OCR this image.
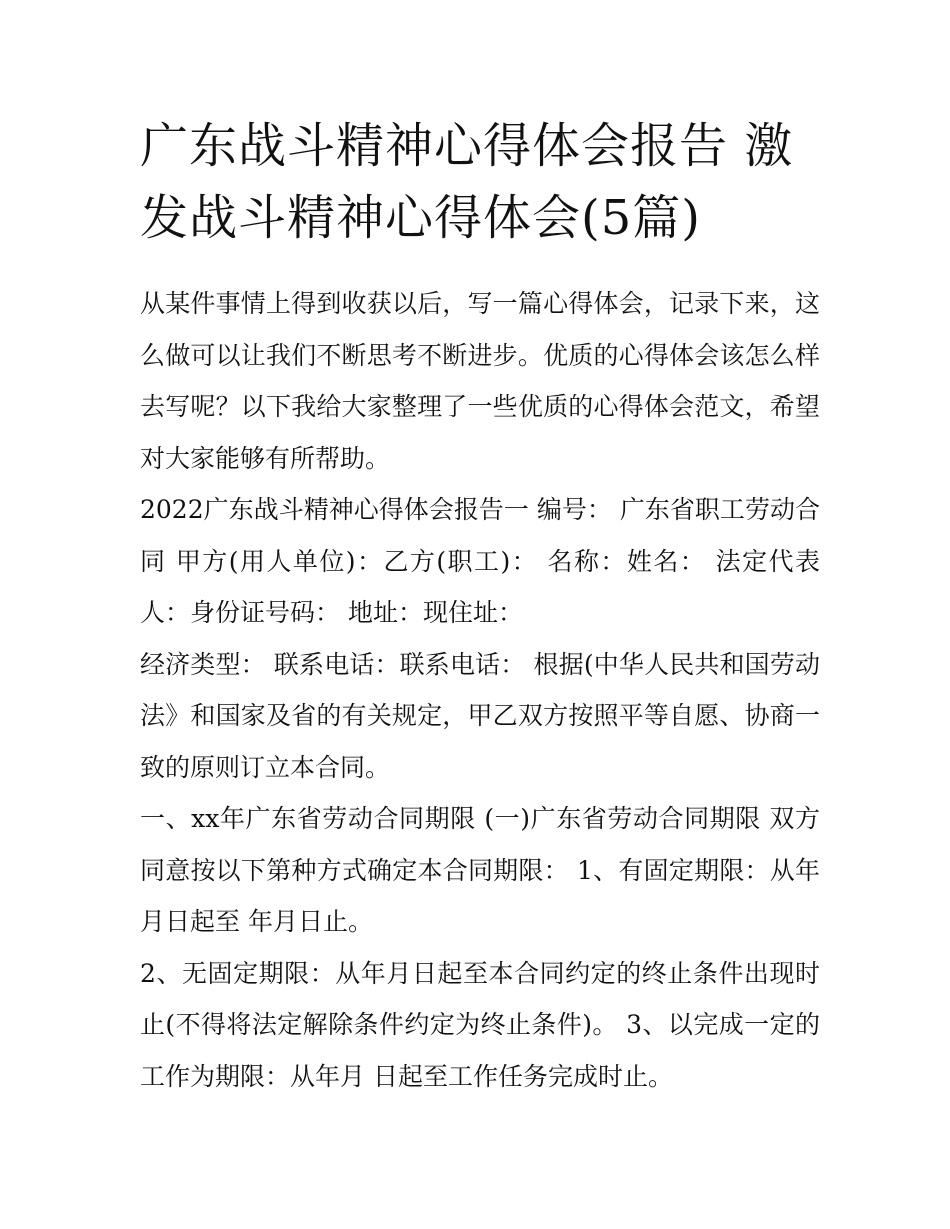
广东战斗精神心得体会报告 激发战斗精神心得体会(5篇)

从某件事情上得到收获以后，写一篇心得体会，记录下来，这么做可以让我们不断思考不断进步。优质的心得体会该怎么样去写呢？以下我给大家整理了一些优质的心得体会范文，希望对大家能够有所帮助。

2022广东战斗精神心得体会报告一 编号： 广东省职工劳动合同 甲方(用人单位)：乙方(职工)： 名称：姓名： 法定代表人：身份证号码： 地址：现住址：

经济类型： 联系电话：联系电话： 根据(中华人民共和国劳动法》和国家及省的有关规定，甲乙双方按照平等自愿、协商一致的原则订立本合同。

一、xx年广东省劳动合同期限 (一)广东省劳动合同期限 双方同意按以下第种方式确定本合同期限： 1、有固定期限：从年月日起至 年月日止。

2、无固定期限：从年月日起至本合同约定的终止条件出现时止(不得将法定解除条件约定为终止条件)。 3、以完成一定的工作为期限：从年月 日起至工作任务完成时止。
